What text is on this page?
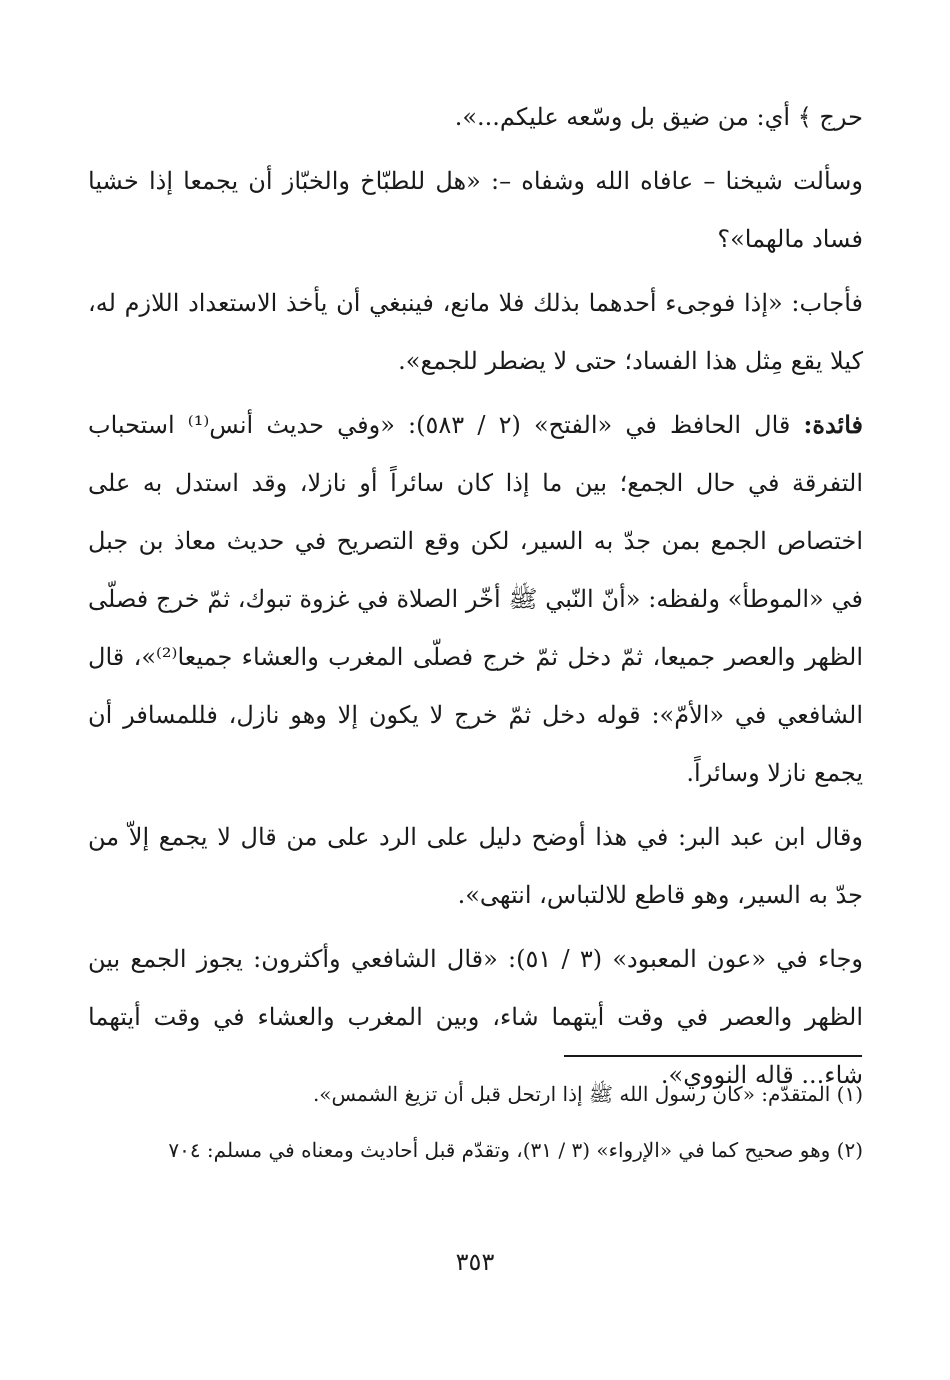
حرج ﴾ أي: من ضيق بل وسّعه عليكم...».

وسألت شيخنا – عافاه الله وشفاه –: «هل للطبّاخ والخبّاز أن يجمعا إذا خشيا فساد مالهما»؟

فأجاب: «إذا فوجىء أحدهما بذلك فلا مانع، فينبغي أن يأخذ الاستعداد اللازم له، كيلا يقع مِثل هذا الفساد؛ حتى لا يضطر للجمع».

فائدة: قال الحافظ في «الفتح» (٢ / ٥٨٣): «وفي حديث أنس⁽¹⁾ استحباب التفرقة في حال الجمع؛ بين ما إذا كان سائراً أو نازلا، وقد استدل به على اختصاص الجمع بمن جدّ به السير، لكن وقع التصريح في حديث معاذ بن جبل في «الموطأ» ولفظه: «أنّ النّبي ﷺ أخّر الصلاة في غزوة تبوك، ثمّ خرج فصلّى الظهر والعصر جميعا، ثمّ دخل ثمّ خرج فصلّى المغرب والعشاء جميعا⁽²⁾»، قال الشافعي في «الأمّ»: قوله دخل ثمّ خرج لا يكون إلا وهو نازل، فللمسافر أن يجمع نازلا وسائراً.

وقال ابن عبد البر: في هذا أوضح دليل على الرد على من قال لا يجمع إلاّ من جدّ به السير، وهو قاطع للالتباس، انتهى».

وجاء في «عون المعبود» (٣ / ٥١): «قال الشافعي وأكثرون: يجوز الجمع بين الظهر والعصر في وقت أيتهما شاء، وبين المغرب والعشاء في وقت أيتهما شاء... قاله النووي».

(١) المتقدّم: «كان رسول الله ﷺ إذا ارتحل قبل أن تزيغ الشمس».

(٢) وهو صحيح كما في «الإرواء» (٣ / ٣١)، وتقدّم قبل أحاديث ومعناه في مسلم: ٧٠٤

٣٥٣
